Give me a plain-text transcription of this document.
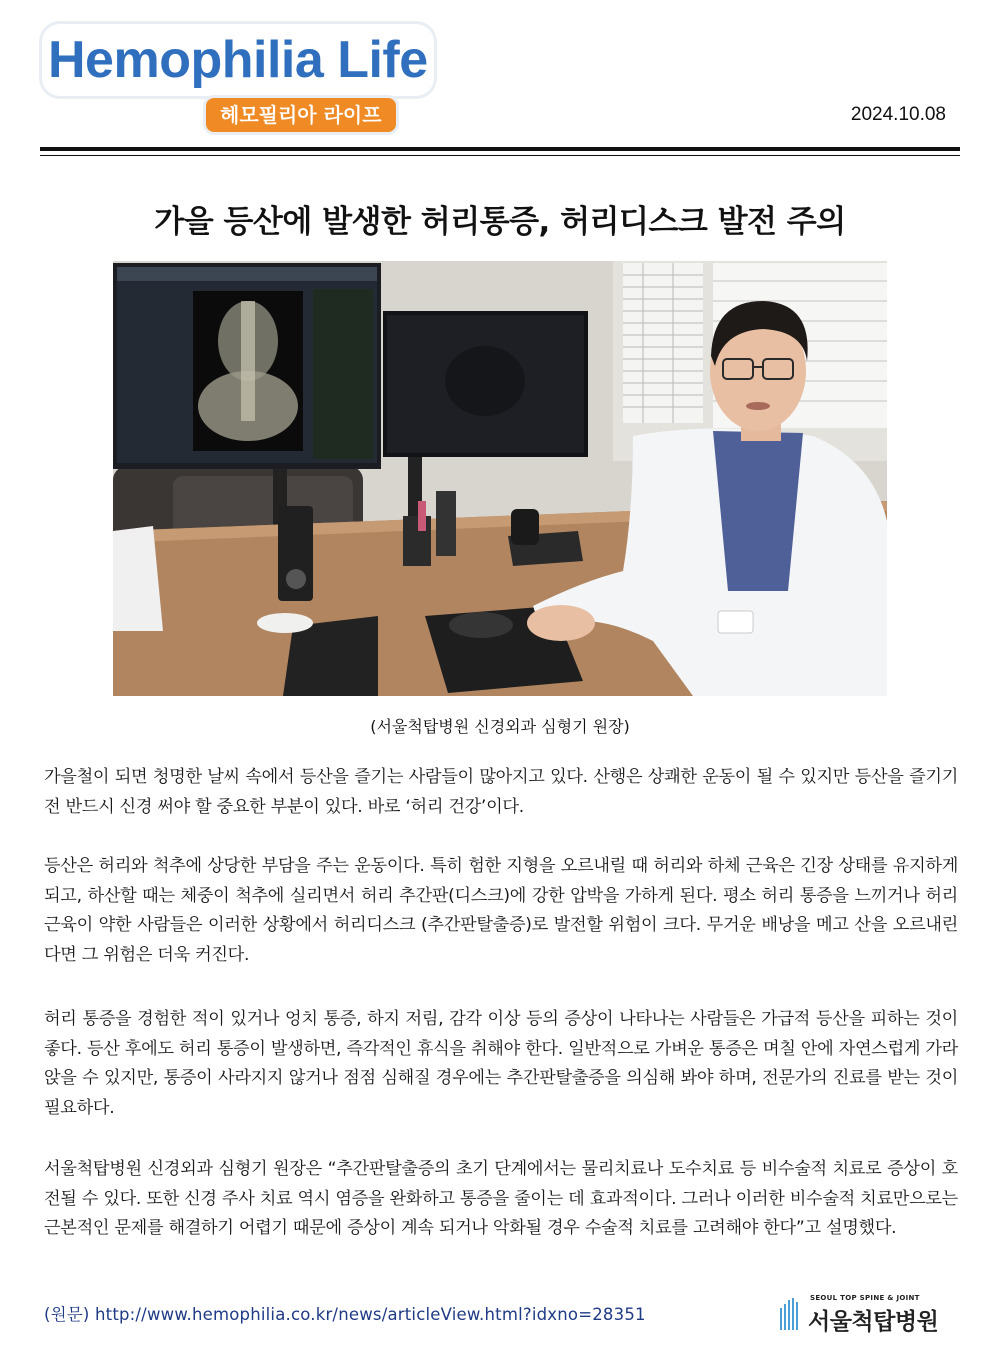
Hemophilia Life
헤모필리아 라이프	2024.10.08
가을 등산에 발생한 허리통증, 허리디스크 발전 주의
(서울척탑병원 신경외과 심형기 원장)
가을철이 되면 청명한 날씨 속에서 등산을 즐기는 사람들이 많아지고 있다. 산행은 상쾌한 운동이 될 수 있지만 등산을 즐기기 전 반드시 신경 써야 할 중요한 부분이 있다. 바로 ‘허리 건강’이다.
등산은 허리와 척추에 상당한 부담을 주는 운동이다. 특히 험한 지형을 오르내릴 때 허리와 하체 근육은 긴장 상태를 유지하게 되고, 하산할 때는 체중이 척추에 실리면서 허리 추간판(디스크)에 강한 압박을 가하게 된다. 평소 허리 통증을 느끼거나 허리 근육이 약한 사람들은 이러한 상황에서 허리디스크 (추간판탈출증)로 발전할 위험이 크다. 무거운 배낭을 메고 산을 오르내린다면 그 위험은 더욱 커진다.
허리 통증을 경험한 적이 있거나 엉치 통증, 하지 저림, 감각 이상 등의 증상이 나타나는 사람들은 가급적 등산을 피하는 것이 좋다. 등산 후에도 허리 통증이 발생하면, 즉각적인 휴식을 취해야 한다. 일반적으로 가벼운 통증은 며칠 안에 자연스럽게 가라앉을 수 있지만, 통증이 사라지지 않거나 점점 심해질 경우에는 추간판탈출증을 의심해 봐야 하며, 전문가의 진료를 받는 것이 필요하다.
서울척탑병원 신경외과 심형기 원장은 “추간판탈출증의 초기 단계에서는 물리치료나 도수치료 등 비수술적 치료로 증상이 호전될 수 있다. 또한 신경 주사 치료 역시 염증을 완화하고 통증을 줄이는 데 효과적이다. 그러나 이러한 비수술적 치료만으로는 근본적인 문제를 해결하기 어렵기 때문에 증상이 계속 되거나 악화될 경우 수술적 치료를 고려해야 한다”고 설명했다.
(원문) http://www.hemophilia.co.kr/news/articleView.html?idxno=28351
SEOUL TOP SPINE & JOINT
서울척탑병원
